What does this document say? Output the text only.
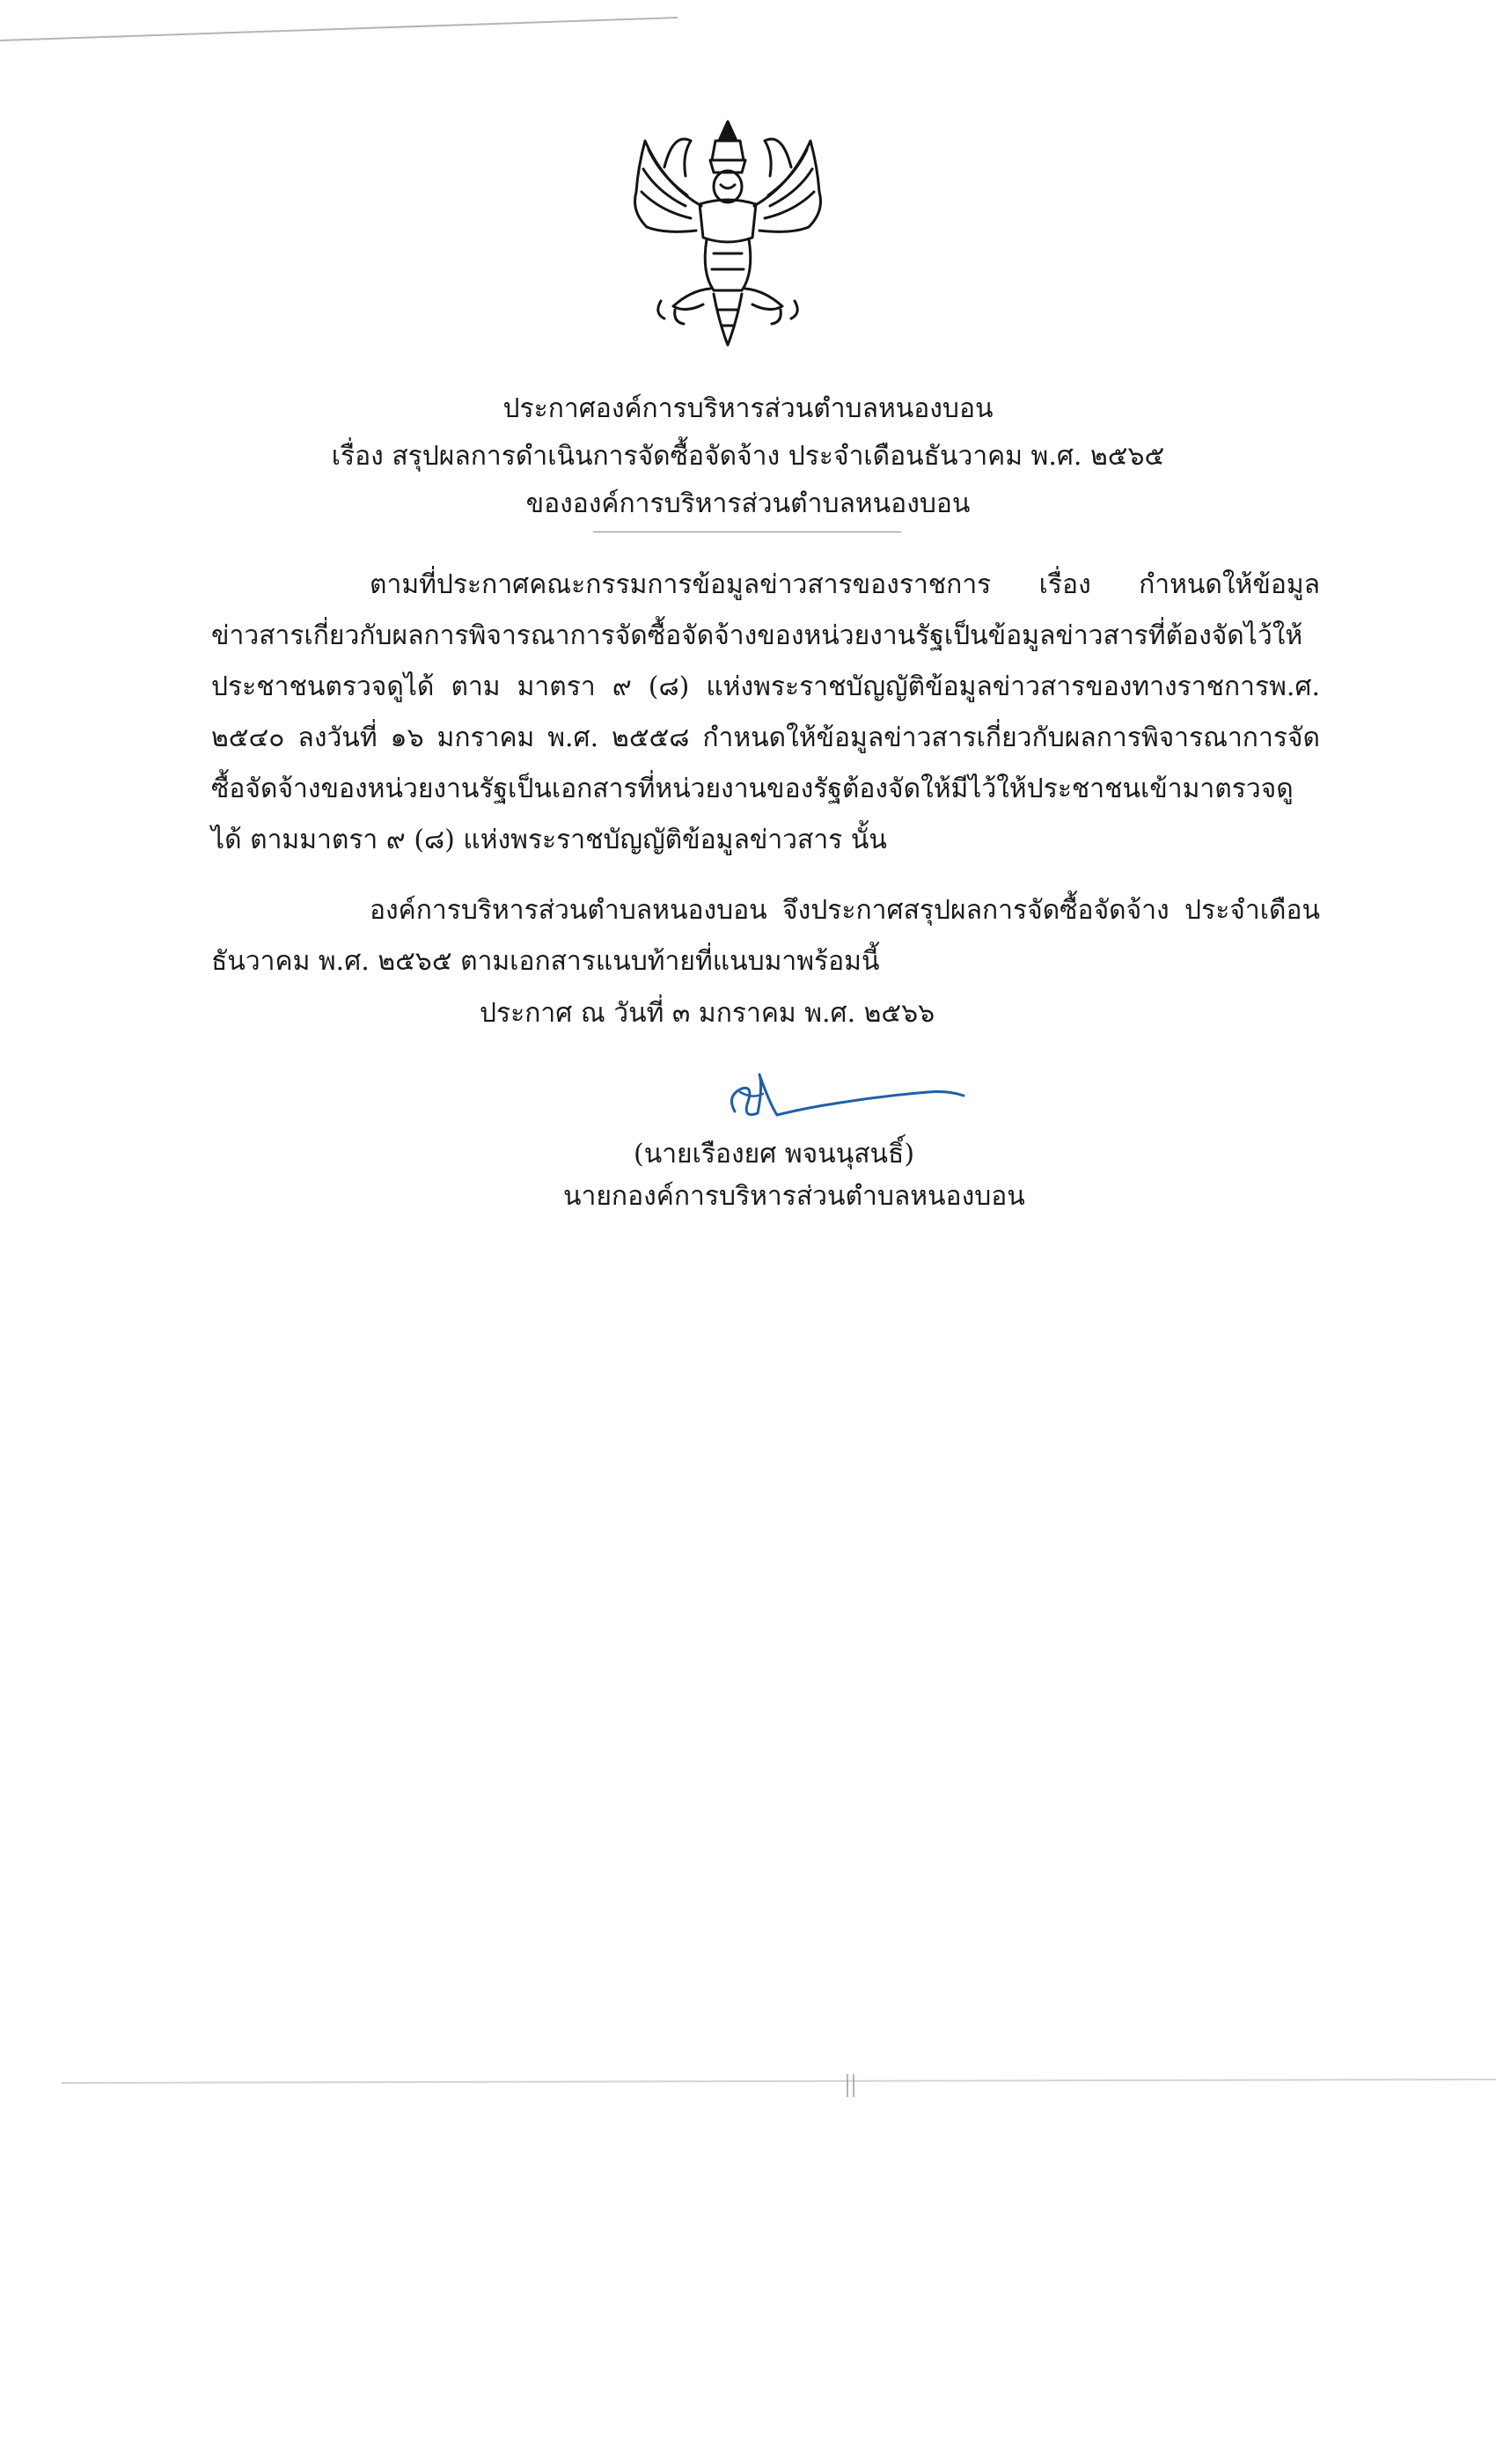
ประกาศองค์การบริหารส่วนตำบลหนองบอน
เรื่อง สรุปผลการดำเนินการจัดซื้อจัดจ้าง ประจำเดือนธันวาคม พ.ศ. ๒๕๖๕
ขององค์การบริหารส่วนตำบลหนองบอน

ตามที่ประกาศคณะกรรมการข้อมูลข่าวสารของราชการ เรื่อง กำหนดให้ข้อมูลข่าวสารเกี่ยวกับผลการพิจารณาการจัดซื้อจัดจ้างของหน่วยงานรัฐเป็นข้อมูลข่าวสารที่ต้องจัดไว้ให้ประชาชนตรวจดูได้ ตาม มาตรา ๙ (๘) แห่งพระราชบัญญัติข้อมูลข่าวสารของทางราชการพ.ศ. ๒๕๔๐ ลงวันที่ ๑๖ มกราคม พ.ศ. ๒๕๕๘ กำหนดให้ข้อมูลข่าวสารเกี่ยวกับผลการพิจารณาการจัดซื้อจัดจ้างของหน่วยงานรัฐเป็นเอกสารที่หน่วยงานของรัฐต้องจัดให้มีไว้ให้ประชาชนเข้ามาตรวจดูได้ ตามมาตรา ๙ (๘) แห่งพระราชบัญญัติข้อมูลข่าวสาร นั้น

องค์การบริหารส่วนตำบลหนองบอน จึงประกาศสรุปผลการจัดซื้อจัดจ้าง ประจำเดือนธันวาคม พ.ศ. ๒๕๖๕ ตามเอกสารแนบท้ายที่แนบมาพร้อมนี้

ประกาศ ณ วันที่ ๓ มกราคม พ.ศ. ๒๕๖๖
(นายเรืองยศ พจนนุสนธิ์)
นายกองค์การบริหารส่วนตำบลหนองบอน
